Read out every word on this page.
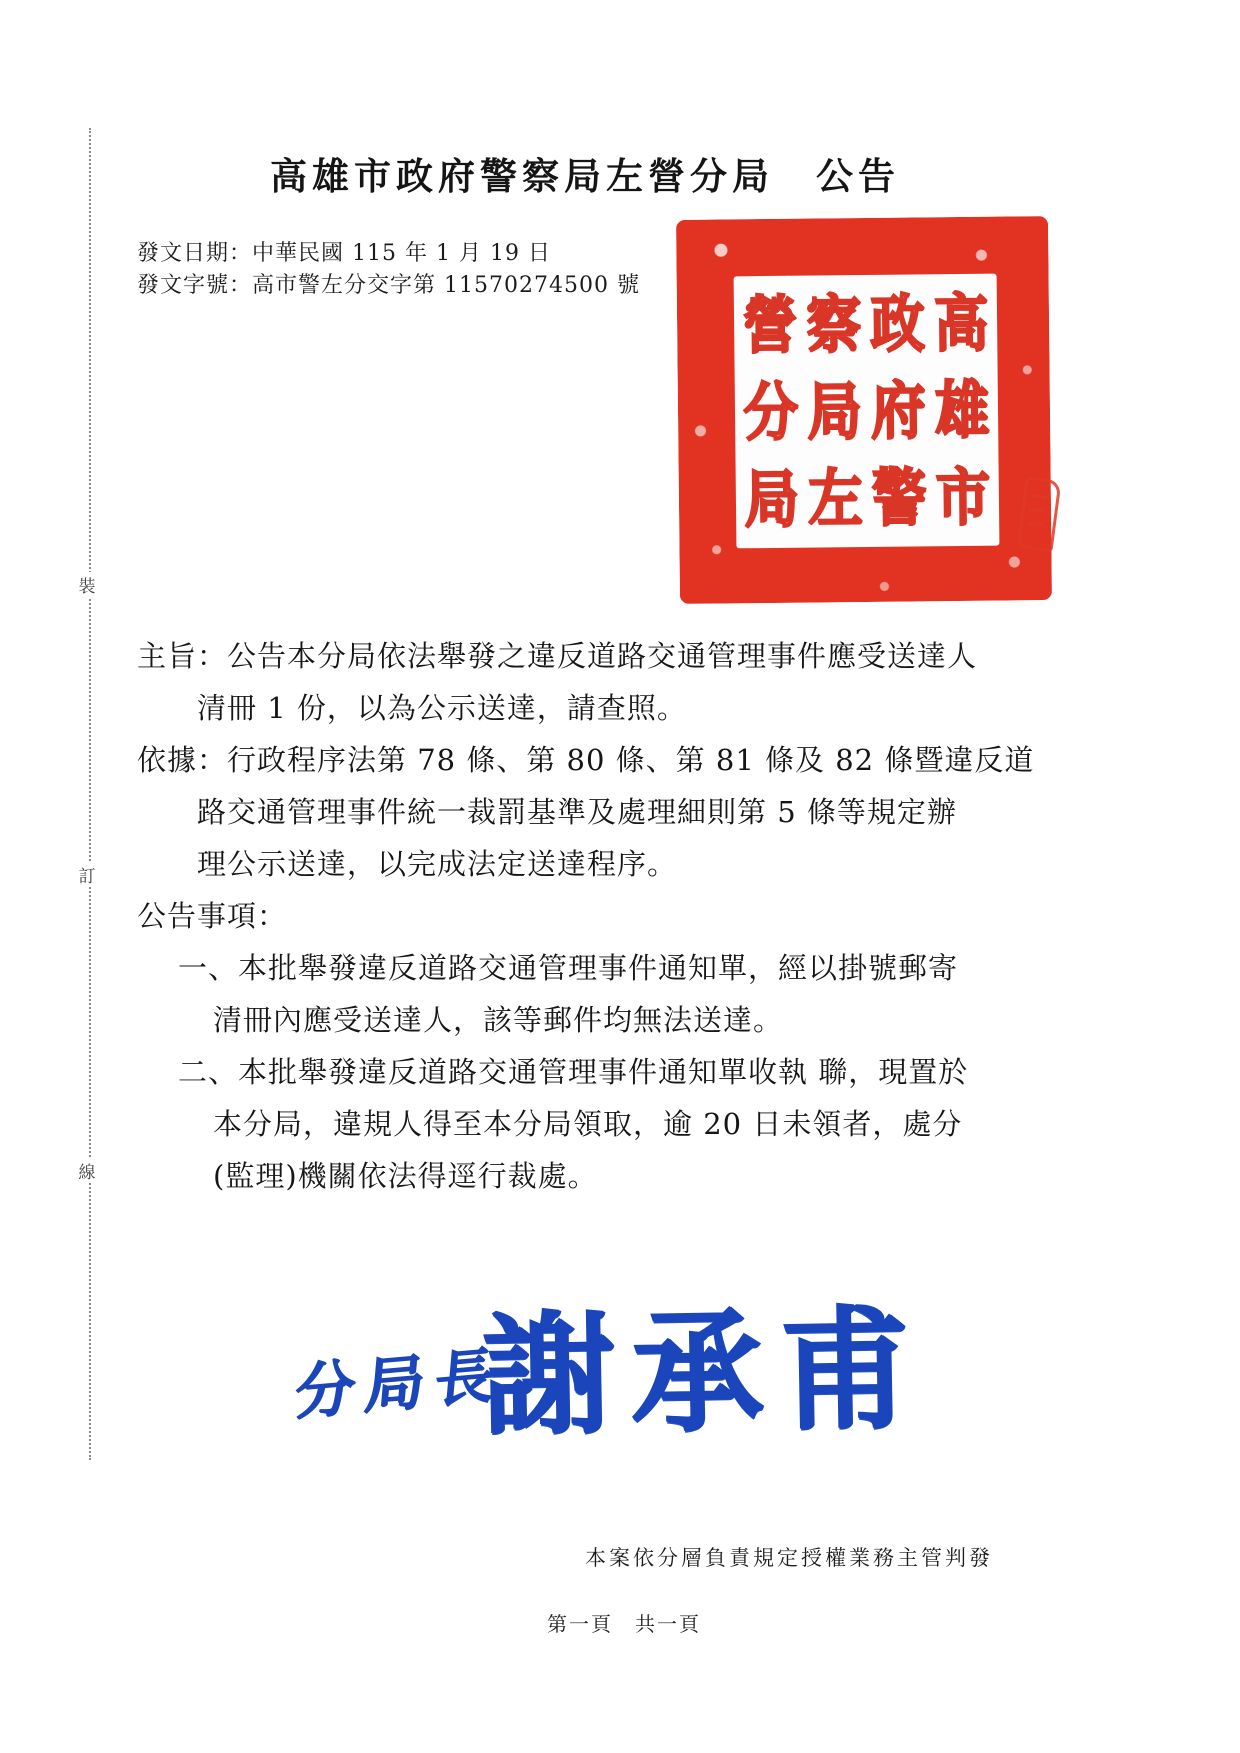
裝
訂
線
高雄市政府警察局左營分局　公告
發文日期：中華民國 115 年 1 月 19 日
發文字號：高市警左分交字第 11570274500 號
高
雄
市
政
府
警
察
局
左
營
分
局
主旨：公告本分局依法舉發之違反道路交通管理事件應受送達人
清冊 1 份，以為公示送達，請查照。
依據：行政程序法第 78 條、第 80 條、第 81 條及 82 條暨違反道
路交通管理事件統一裁罰基準及處理細則第 5 條等規定辦
理公示送達，以完成法定送達程序。
公告事項：
一、本批舉發違反道路交通管理事件通知單，經以掛號郵寄
清冊內應受送達人，該等郵件均無法送達。
二、本批舉發違反道路交通管理事件通知單收執 聯，現置於
本分局，違規人得至本分局領取，逾 20 日未領者，處分
(監理)機關依法得逕行裁處。
分局長
謝承甫
本案依分層負責規定授權業務主管判發
第一頁　共一頁
